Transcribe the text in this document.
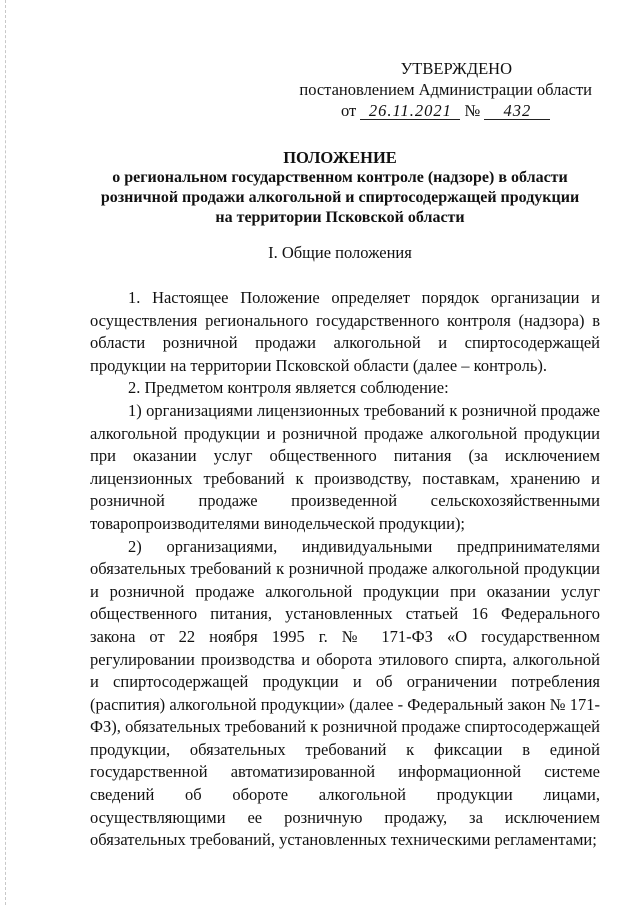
УТВЕРЖДЕНО
постановлением Администрации области
от 26.11.2021 № 432
ПОЛОЖЕНИЕ
о региональном государственном контроле (надзоре) в области
розничной продажи алкогольной и спиртосодержащей продукции
на территории Псковской области
I. Общие положения

1. Настоящее Положение определяет порядок организации и осуществления регионального государственного контроля (надзора) в области розничной продажи алкогольной и спиртосодержащей продукции на территории Псковской области (далее – контроль).

2. Предметом контроля является соблюдение:

1) организациями лицензионных требований к розничной продаже алкогольной продукции и розничной продаже алкогольной продукции при оказании услуг общественного питания (за исключением лицензионных требований к производству, поставкам, хранению и розничной продаже произведенной сельскохозяйственными товаропроизводителями винодельческой продукции);

2) организациями, индивидуальными предпринимателями обязательных требований к розничной продаже алкогольной продукции и розничной продаже алкогольной продукции при оказании услуг общественного питания, установленных статьей 16 Федерального закона от 22 ноября 1995 г. № 171-ФЗ «О государственном регулировании производства и оборота этилового спирта, алкогольной и спиртосодержащей продукции и об ограничении потребления (распития) алкогольной продукции» (далее - Федеральный закон № 171-ФЗ), обязательных требований к розничной продаже спиртосодержащей продукции, обязательных требований к фиксации в единой государственной автоматизированной информационной системе сведений об обороте алкогольной продукции лицами, осуществляющими ее розничную продажу, за исключением обязательных требований, установленных техническими регламентами;
